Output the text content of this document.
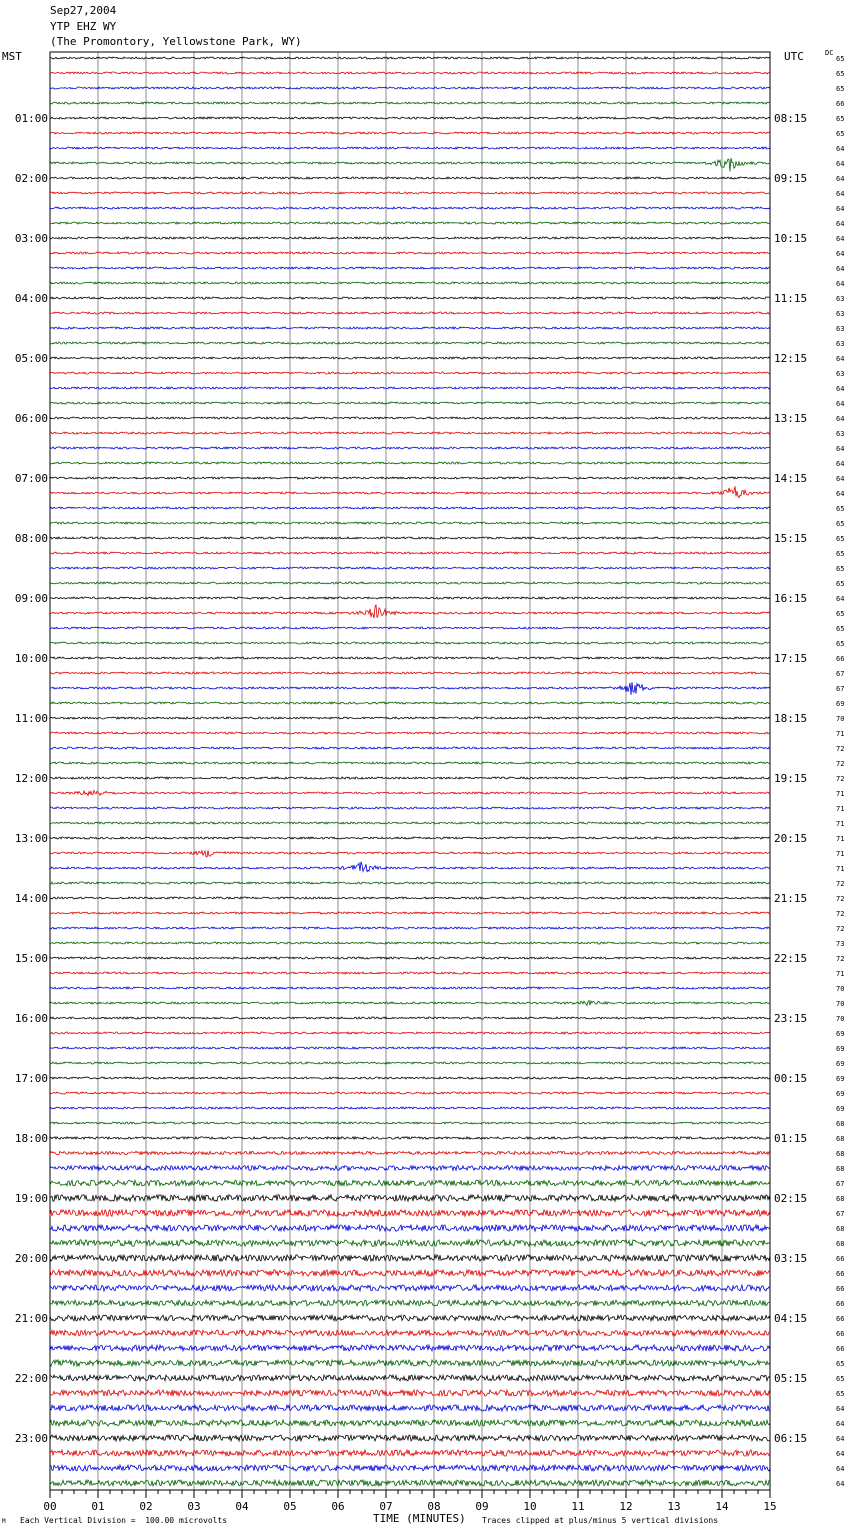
Sep27,2004
YTP EHZ WY
(The Promontory, Yellowstone Park, WY)
MST	UTC	DC
00	01	02	03	04	05	06	07	08	09	10	11	12	13	14	15
01:00
02:00
03:00
04:00
05:00
06:00
07:00
08:00
09:00
10:00
11:00
12:00
13:00
14:00
15:00
16:00
17:00
18:00
19:00
20:00
21:00
22:00
23:00
08:15
09:15
10:15
11:15
12:15
13:15
14:15
15:15
16:15
17:15
18:15
19:15
20:15
21:15
22:15
23:15
00:15
01:15
02:15
03:15
04:15
05:15
06:15
65
65
65
66
65
65
64
64
64
64
64
64
64
64
64
64
63
63
63
63
64
63
64
64
64
63
64
64
64
64
65
65
65
65
65
65
64
65
65
65
66
67
67
69
70
71
72
72
72
71
71
71
71
71
71
72
72
72
72
73
72
71
70
70
70
69
69
69
69
69
69
68
68
68
68
67
68
67
68
68
66
66
66
66
66
66
66
65
65
65
64
64
64
64
64
64
M Each Vertical Division =  100.00 microvolts	TIME (MINUTES) Traces clipped at plus/minus 5 vertical divisions
